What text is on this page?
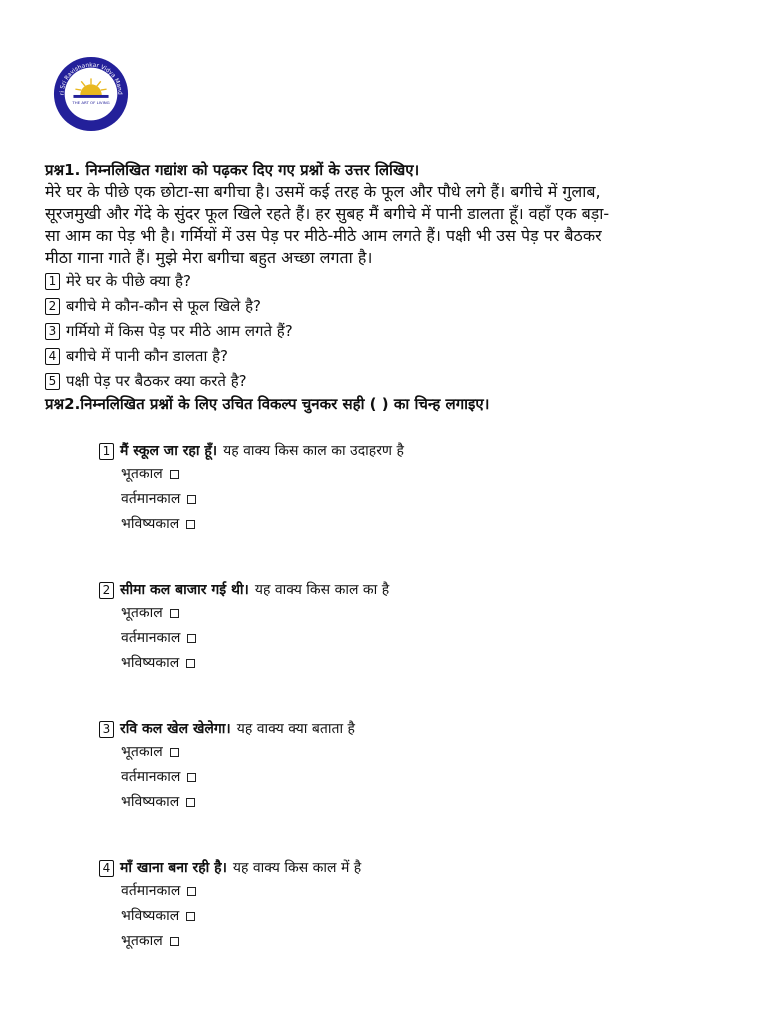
ri Sri Ravishankar Vidya Mand
THE ART OF LIVING
विद्या दाता सूर्यमाला

प्रश्न1. निम्नलिखित गद्यांश को पढ़कर दिए गए प्रश्नों के उत्तर लिखिए।

मेरे घर के पीछे एक छोटा-सा बगीचा है। उसमें कई तरह के फूल और पौधे लगे हैं। बगीचे में गुलाब,
सूरजमुखी और गेंदे के सुंदर फूल खिले रहते हैं। हर सुबह मैं बगीचे में पानी डालता हूँ। वहाँ एक बड़ा-
सा आम का पेड़ भी है। गर्मियों में उस पेड़ पर मीठे-मीठे आम लगते हैं। पक्षी भी उस पेड़ पर बैठकर
मीठा गाना गाते हैं। मुझे मेरा बगीचा बहुत अच्छा लगता है।
1 मेरे घर के पीछे क्या है?
2 बगीचे मे कौन-कौन से फूल खिले है?
3 गर्मियो में किस पेड़ पर मीठे आम लगते हैं?
4 बगीचे में पानी कौन डालता है?
5 पक्षी पेड़ पर बैठकर क्या करते है?

प्रश्न2.निम्नलिखित प्रश्नों के लिए उचित विकल्प चुनकर सही ( ) का चिन्ह लगाइए।

1 मैं स्कूल जा रहा हूँ। यह वाक्य किस काल का उदाहरण है
भूतकाल
वर्तमानकाल
भविष्यकाल
2 सीमा कल बाजार गई थी। यह वाक्य किस काल का है
भूतकाल
वर्तमानकाल
भविष्यकाल
3 रवि कल खेल खेलेगा। यह वाक्य क्या बताता है
भूतकाल
वर्तमानकाल
भविष्यकाल
4 माँ खाना बना रही है। यह वाक्य किस काल में है
वर्तमानकाल
भविष्यकाल
भूतकाल
